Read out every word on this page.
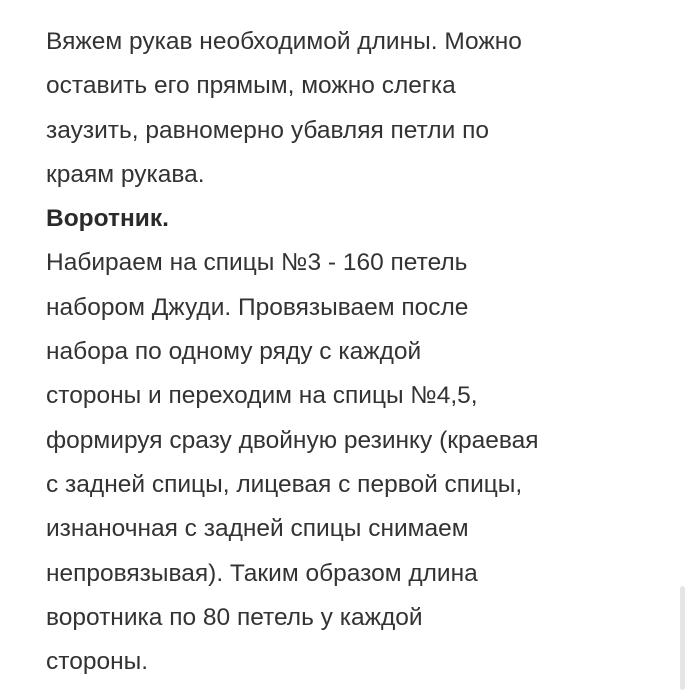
Вяжем рукав необходимой длины. Можно
оставить его прямым, можно слегка
заузить, равномерно убавляя петли по
краям рукава.
Воротник.
Набираем на спицы №3 - 160 петель
набором Джуди. Провязываем после
набора по одному ряду с каждой
стороны и переходим на спицы №4,5,
формируя сразу двойную резинку (краевая
с задней спицы, лицевая с первой спицы,
изнаночная с задней спицы снимаем
непровязывая). Таким образом длина
воротника по 80 петель у каждой
стороны.
